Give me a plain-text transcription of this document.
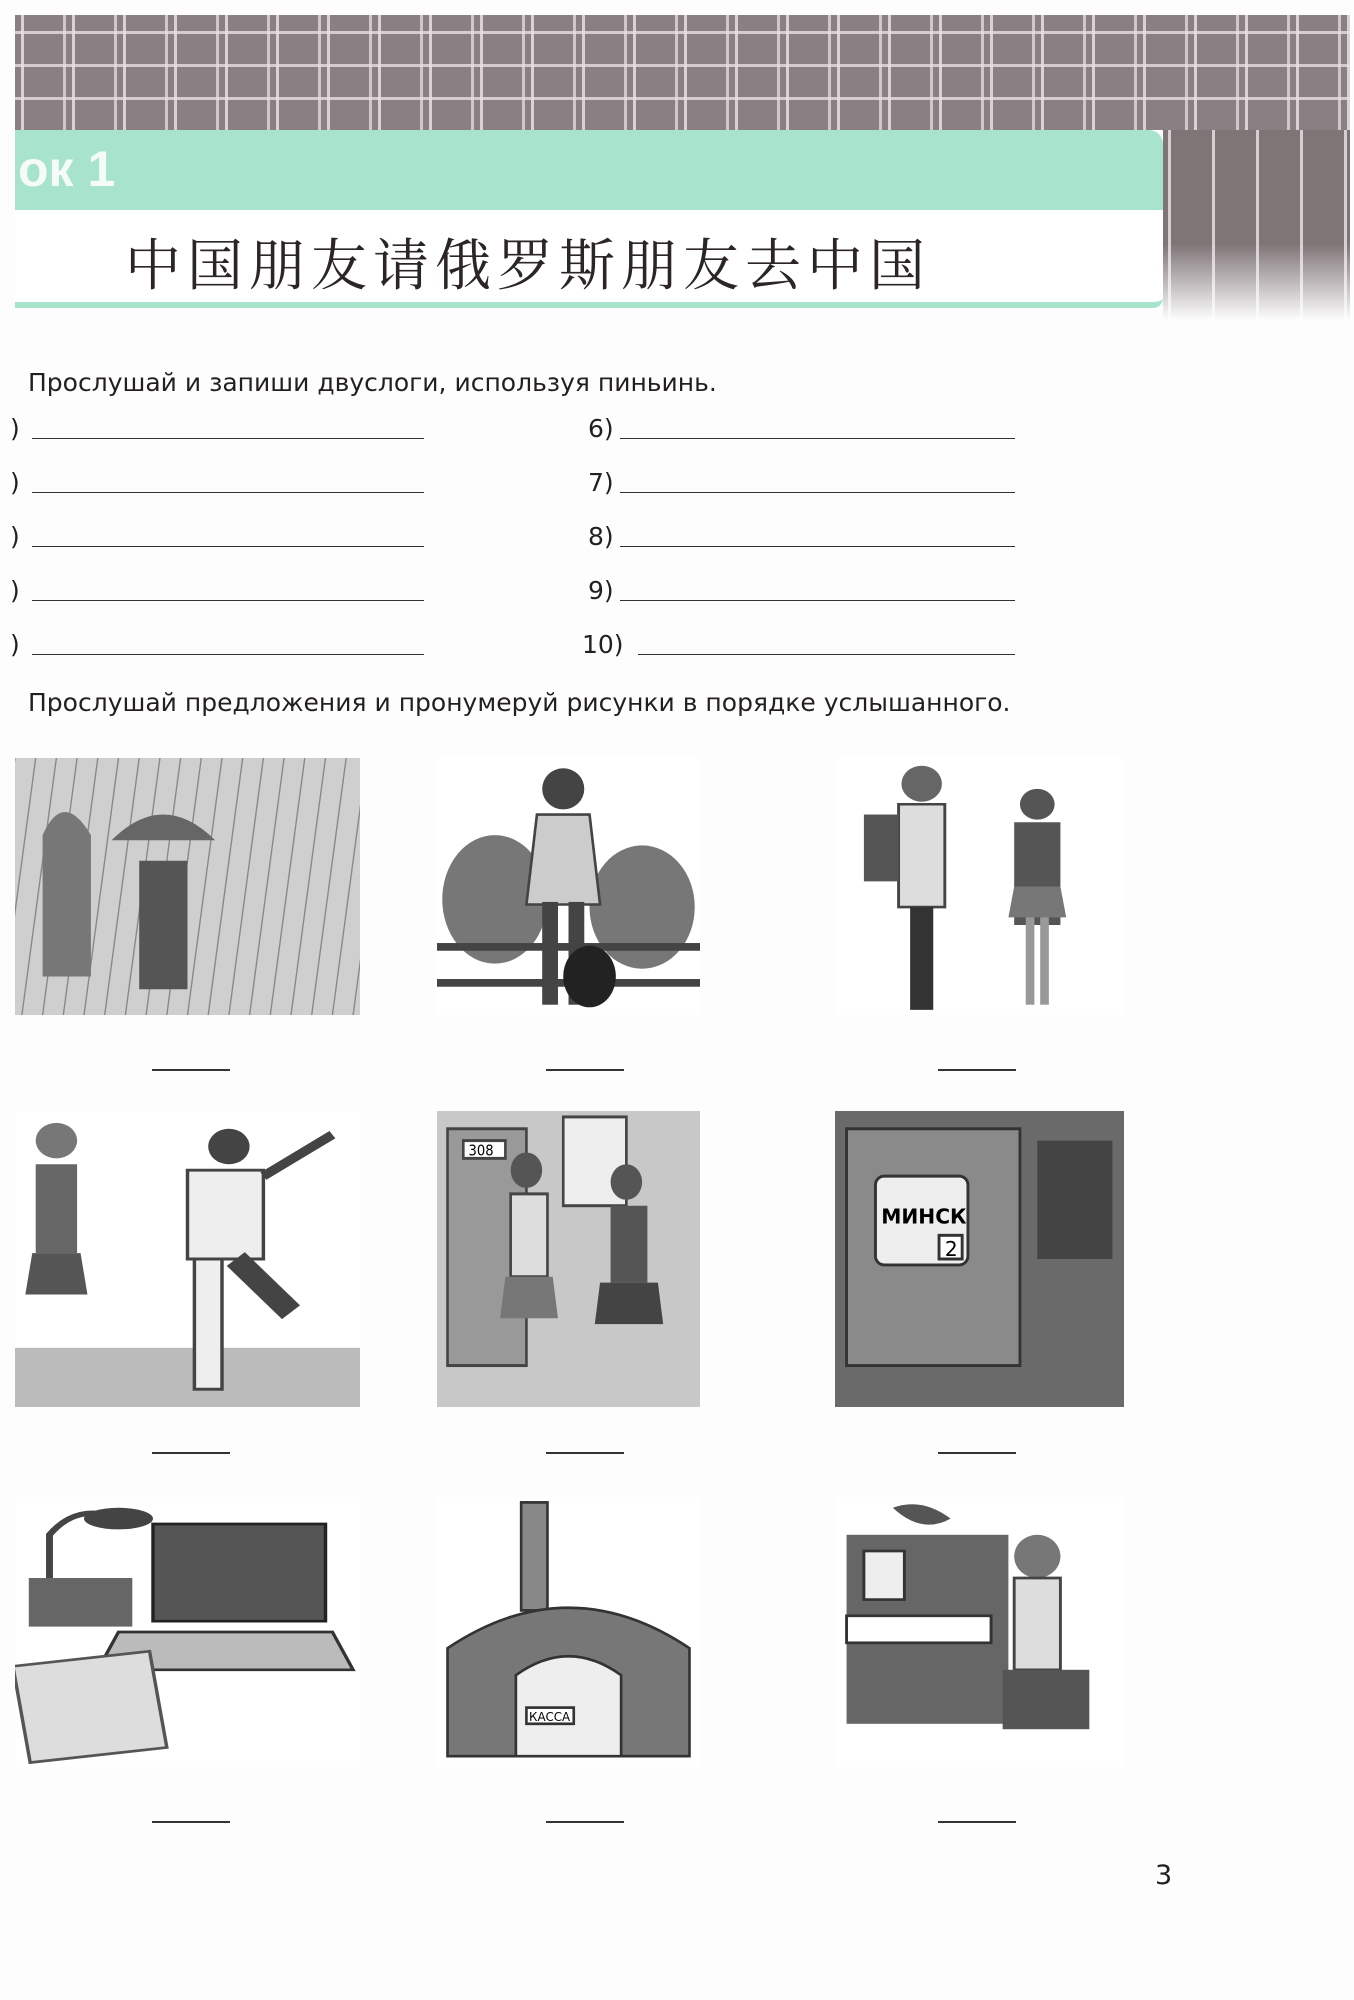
ок 1
中国朋友请俄罗斯朋友去中国
Прослушай и запиши двуслоги, используя пиньинь.
)	6)
)	7)
)	8)
)	9)
)	10)
Прослушай предложения и пронумеруй рисунки в порядке услышанного.
308
МИНСК
2
КАССА
3
